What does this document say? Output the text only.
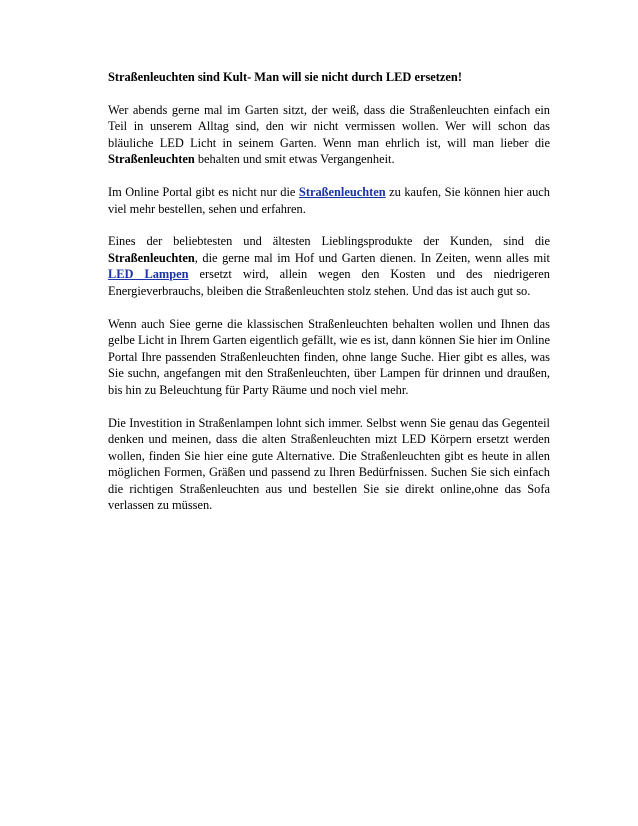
Straßenleuchten sind Kult- Man will sie nicht durch LED ersetzen!

Wer abends gerne mal im Garten sitzt, der weiß, dass die Straßenleuchten einfach ein Teil in unserem Alltag sind, den wir nicht vermissen wollen. Wer will schon das bläuliche LED Licht in seinem Garten. Wenn man ehrlich ist, will man lieber die Straßenleuchten behalten und smit etwas Vergangenheit.

Im Online Portal gibt es nicht nur die Straßenleuchten zu kaufen, Sie können hier auch viel mehr bestellen, sehen und erfahren.

Eines der beliebtesten und ältesten Lieblingsprodukte der Kunden, sind die Straßenleuchten, die gerne mal im Hof und Garten dienen. In Zeiten, wenn alles mit LED Lampen ersetzt wird, allein wegen den Kosten und des niedrigeren Energieverbrauchs, bleiben die Straßenleuchten stolz stehen. Und das ist auch gut so.

Wenn auch Siee gerne die klassischen Straßenleuchten behalten wollen und Ihnen das gelbe Licht in Ihrem Garten eigentlich gefällt, wie es ist, dann können Sie hier im Online Portal Ihre passenden Straßenleuchten finden, ohne lange Suche. Hier gibt es alles, was Sie suchn, angefangen mit den Straßenleuchten, über Lampen für drinnen und draußen, bis hin zu Beleuchtung für Party Räume und noch viel mehr.

Die Investition in Straßenlampen lohnt sich immer. Selbst wenn Sie genau das Gegenteil denken und meinen, dass die alten Straßenleuchten mizt LED Körpern ersetzt werden wollen, finden Sie hier eine gute Alternative. Die Straßenleuchten gibt es heute in allen möglichen Formen, Gräßen und passend zu Ihren Bedürfnissen. Suchen Sie sich einfach die richtigen Straßenleuchten aus und bestellen Sie sie direkt online,ohne das Sofa verlassen zu müssen.
